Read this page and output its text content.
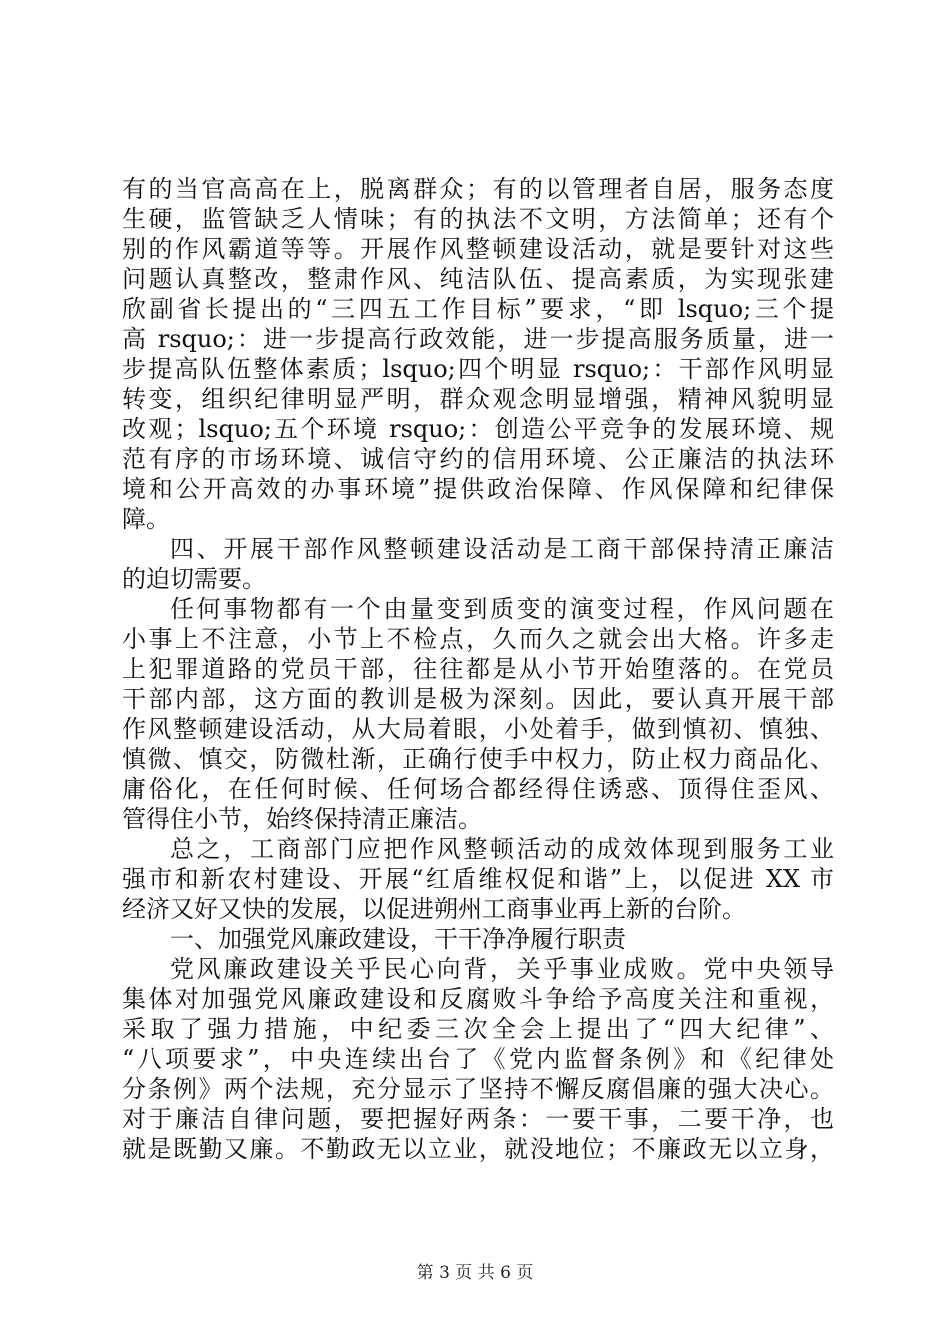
有的当官高高在上，脱离群众；有的以管理者自居，服务态度
生硬，监管缺乏人情味；有的执法不文明，方法简单；还有个
别的作风霸道等等。开展作风整顿建设活动，就是要针对这些
问题认真整改，整肃作风、纯洁队伍、提高素质，为实现张建
欣副省长提出的“三四五工作目标”要求，“即 lsquo;三个提
高 rsquo;：进一步提高行政效能，进一步提高服务质量，进一
步提高队伍整体素质；lsquo;四个明显 rsquo;：干部作风明显
转变，组织纪律明显严明，群众观念明显增强，精神风貌明显
改观；lsquo;五个环境 rsquo;：创造公平竞争的发展环境、规
范有序的市场环境、诚信守约的信用环境、公正廉洁的执法环
境和公开高效的办事环境”提供政治保障、作风保障和纪律保
障。
四、开展干部作风整顿建设活动是工商干部保持清正廉洁
的迫切需要。
任何事物都有一个由量变到质变的演变过程，作风问题在
小事上不注意，小节上不检点，久而久之就会出大格。许多走
上犯罪道路的党员干部，往往都是从小节开始堕落的。在党员
干部内部，这方面的教训是极为深刻。因此，要认真开展干部
作风整顿建设活动，从大局着眼，小处着手，做到慎初、慎独、
慎微、慎交，防微杜渐，正确行使手中权力，防止权力商品化、
庸俗化，在任何时候、任何场合都经得住诱惑、顶得住歪风、
管得住小节，始终保持清正廉洁。
总之，工商部门应把作风整顿活动的成效体现到服务工业
强市和新农村建设、开展“红盾维权促和谐”上，以促进 XX 市
经济又好又快的发展，以促进朔州工商事业再上新的台阶。
一、加强党风廉政建设，干干净净履行职责
党风廉政建设关乎民心向背，关乎事业成败。党中央领导
集体对加强党风廉政建设和反腐败斗争给予高度关注和重视，
采取了强力措施，中纪委三次全会上提出了“四大纪律”、
“八项要求”，中央连续出台了《党内监督条例》和《纪律处
分条例》两个法规，充分显示了坚持不懈反腐倡廉的强大决心。
对于廉洁自律问题，要把握好两条：一要干事，二要干净，也
就是既勤又廉。不勤政无以立业，就没地位；不廉政无以立身，
第 3 页 共 6 页
